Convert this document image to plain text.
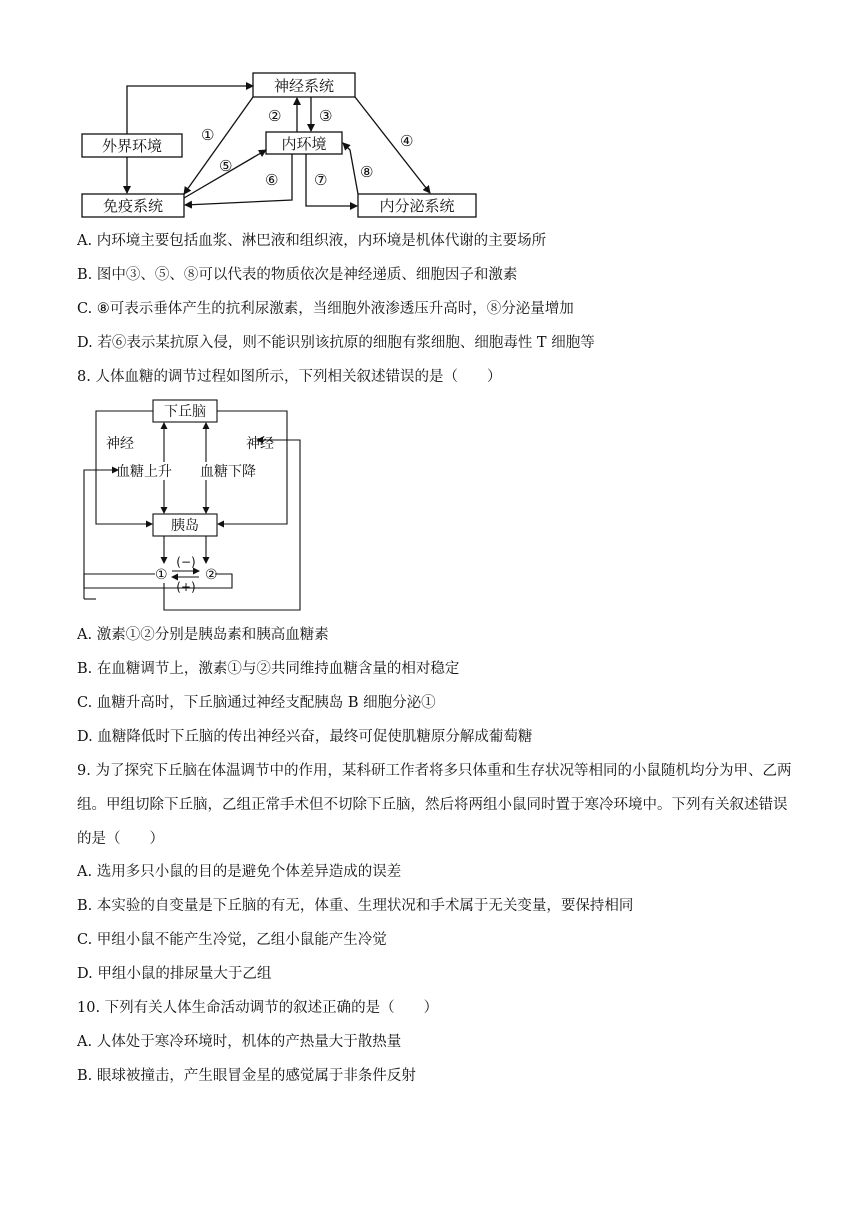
神经系统
外界环境	内环境
免疫系统	内分泌系统
①
②	③
④
⑤
⑥ ⑦ ⑧
A. 内环境主要包括血浆、淋巴液和组织液，内环境是机体代谢的主要场所
B. 图中③、⑤、⑧可以代表的物质依次是神经递质、细胞因子和激素
C. ⑧可表示垂体产生的抗利尿激素，当细胞外液渗透压升高时，⑧分泌量增加
D. 若⑥表示某抗原入侵，则不能识别该抗原的细胞有浆细胞、细胞毒性 T 细胞等
8. 人体血糖的调节过程如图所示，下列相关叙述错误的是（　　）
下丘脑
神经	神经
血糖上升 血糖下降
胰岛
①	②
(−)
(+)
A. 激素①②分别是胰岛素和胰高血糖素
B. 在血糖调节上，激素①与②共同维持血糖含量的相对稳定
C. 血糖升高时，下丘脑通过神经支配胰岛 B 细胞分泌①
D. 血糖降低时下丘脑的传出神经兴奋，最终可促使肌糖原分解成葡萄糖
9. 为了探究下丘脑在体温调节中的作用，某科研工作者将多只体重和生存状况等相同的小鼠随机均分为甲、乙两组。甲组切除下丘脑，乙组正常手术但不切除下丘脑，然后将两组小鼠同时置于寒冷环境中。下列有关叙述错误的是（　　）
A. 选用多只小鼠的目的是避免个体差异造成的误差
B. 本实验的自变量是下丘脑的有无，体重、生理状况和手术属于无关变量，要保持相同
C. 甲组小鼠不能产生冷觉，乙组小鼠能产生冷觉
D. 甲组小鼠的排尿量大于乙组
10. 下列有关人体生命活动调节的叙述正确的是（　　）
A. 人体处于寒冷环境时，机体的产热量大于散热量
B. 眼球被撞击，产生眼冒金星的感觉属于非条件反射
